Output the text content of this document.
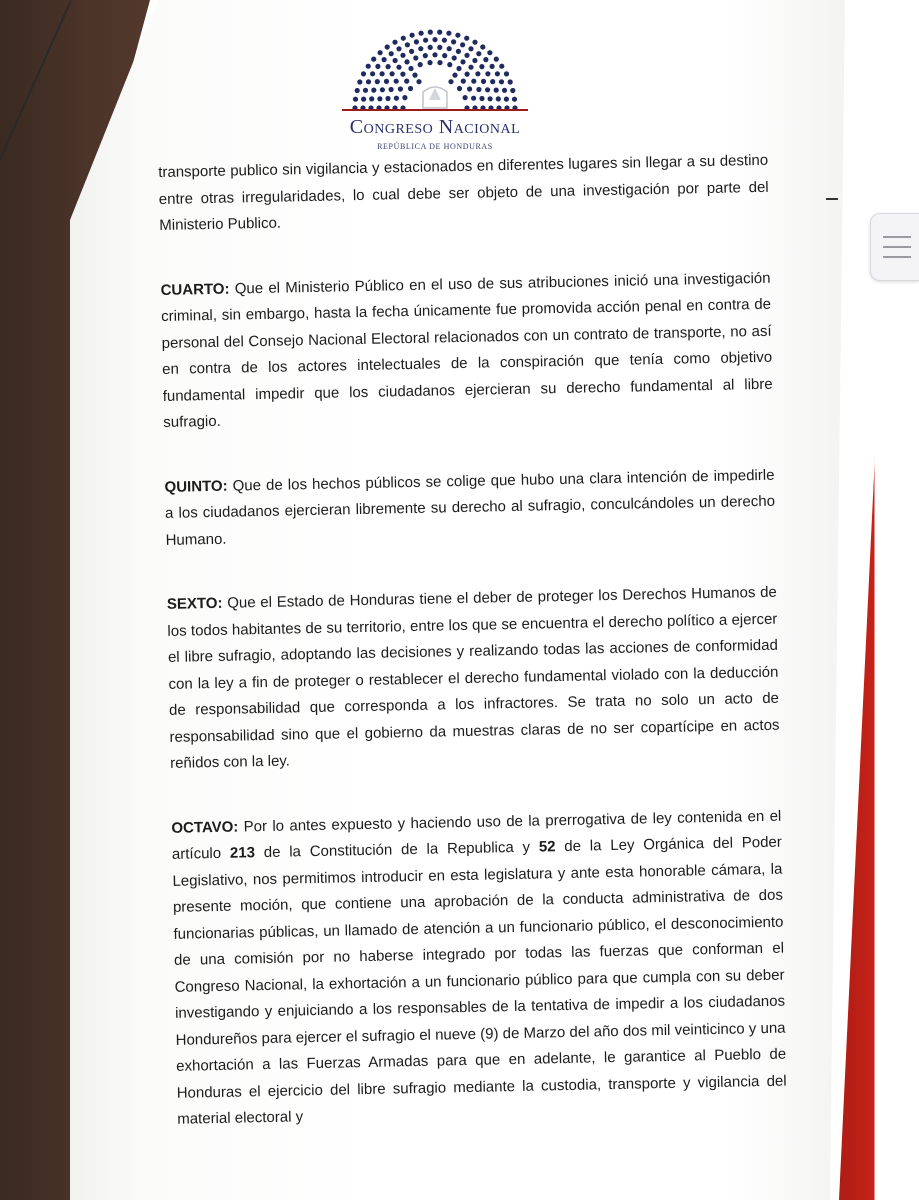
Congreso Nacional
REPÚBLICA DE HONDURAS

transporte publico sin vigilancia y estacionados en diferentes lugares sin llegar a su destino entre otras irregularidades, lo cual debe ser objeto de una investigación por parte del Ministerio Publico.

CUARTO: Que el Ministerio Público en el uso de sus atribuciones inició una investigación criminal, sin embargo, hasta la fecha únicamente fue promovida acción penal en contra de personal del Consejo Nacional Electoral relacionados con un contrato de transporte, no así en contra de los actores intelectuales de la conspiración que tenía como objetivo fundamental impedir que los ciudadanos ejercieran su derecho fundamental al libre sufragio.

QUINTO: Que de los hechos públicos se colige que hubo una clara intención de impedirle a los ciudadanos ejercieran libremente su derecho al sufragio, conculcándoles un derecho Humano.

SEXTO: Que el Estado de Honduras tiene el deber de proteger los Derechos Humanos de los todos habitantes de su territorio, entre los que se encuentra el derecho político a ejercer el libre sufragio, adoptando las decisiones y realizando todas las acciones de conformidad con la ley a fin de proteger o restablecer el derecho fundamental violado con la deducción de responsabilidad que corresponda a los infractores. Se trata no solo un acto de responsabilidad sino que el gobierno da muestras claras de no ser copartícipe en actos reñidos con la ley.

OCTAVO: Por lo antes expuesto y haciendo uso de la prerrogativa de ley contenida en el artículo 213 de la Constitución de la Republica y 52 de la Ley Orgánica del Poder Legislativo, nos permitimos introducir en esta legislatura y ante esta honorable cámara, la presente moción, que contiene una aprobación de la conducta administrativa de dos funcionarias públicas, un llamado de atención a un funcionario público, el desconocimiento de una comisión por no haberse integrado por todas las fuerzas que conforman el Congreso Nacional, la exhortación a un funcionario público para que cumpla con su deber investigando y enjuiciando a los responsables de la tentativa de impedir a los ciudadanos Hondureños para ejercer el sufragio el nueve (9) de Marzo del año dos mil veinticinco y una exhortación a las Fuerzas Armadas para que en adelante, le garantice al Pueblo de Honduras el ejercicio del libre sufragio mediante la custodia, transporte y vigilancia del material electoral y
